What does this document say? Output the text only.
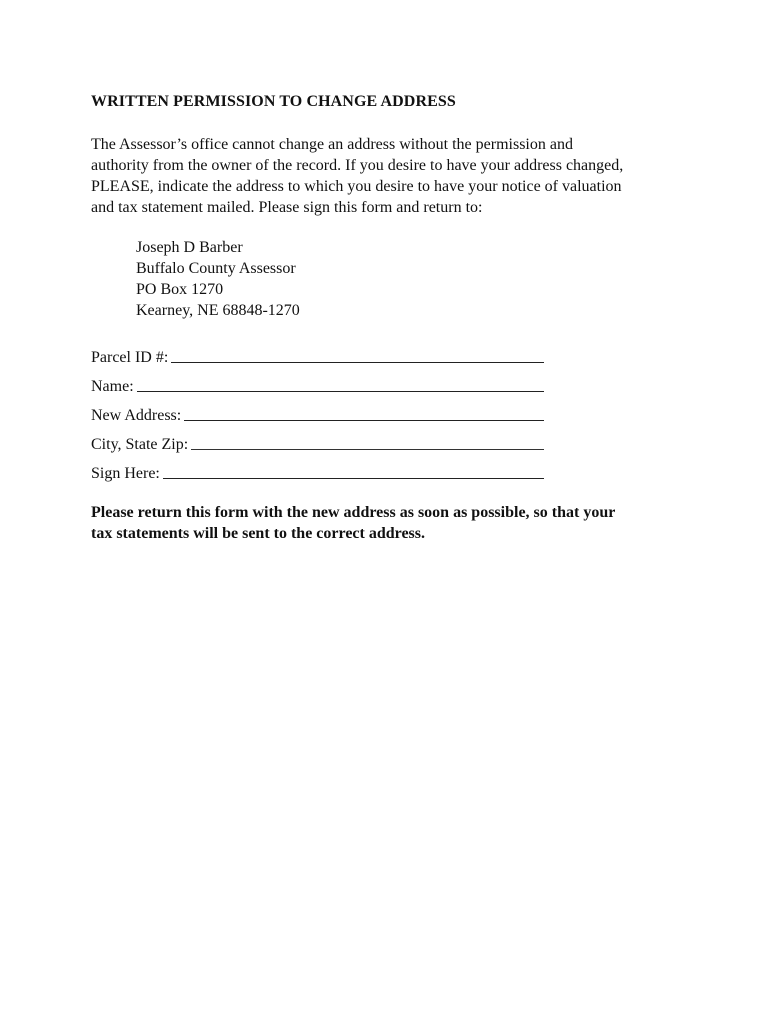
WRITTEN PERMISSION TO CHANGE ADDRESS
The Assessor’s office cannot change an address without the permission and
authority from the owner of the record. If you desire to have your address changed,
PLEASE, indicate the address to which you desire to have your notice of valuation
and tax statement mailed. Please sign this form and return to:
Joseph D Barber
Buffalo County Assessor
PO Box 1270
Kearney, NE 68848-1270
Parcel ID #:
Name:
New Address:
City, State Zip:
Sign Here:
Please return this form with the new address as soon as possible, so that your
tax statements will be sent to the correct address.
